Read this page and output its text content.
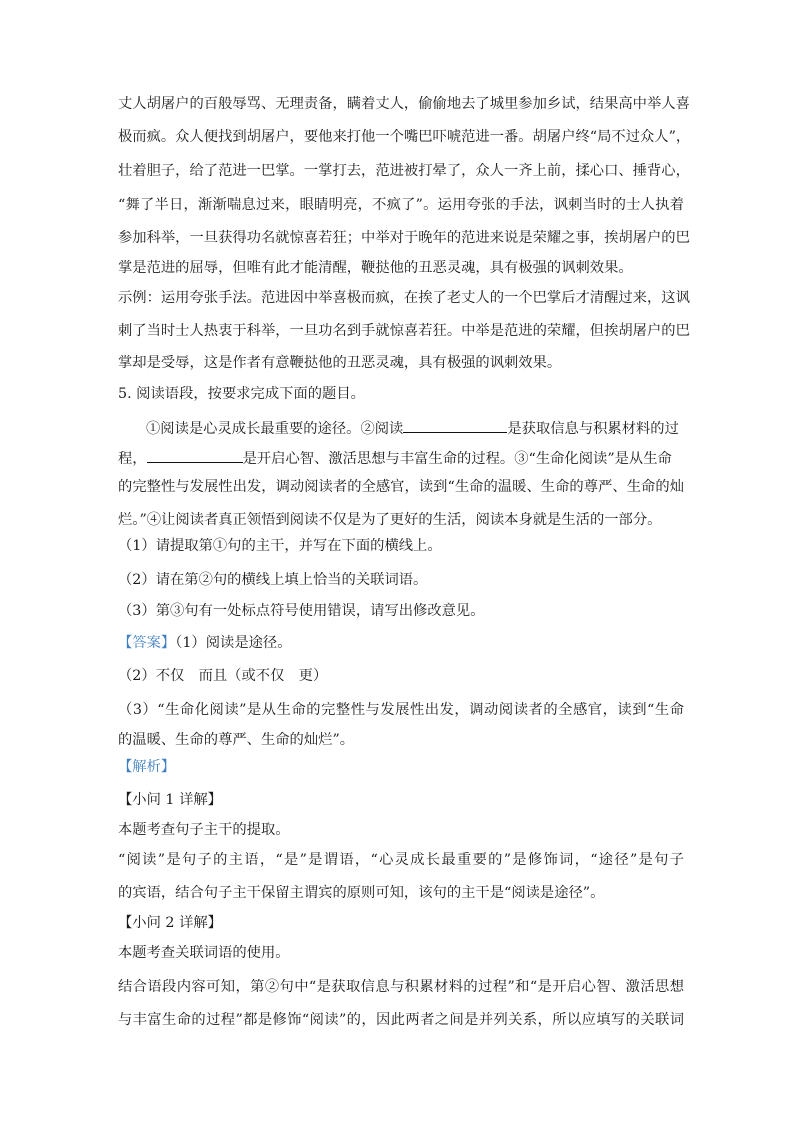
丈人胡屠户的百般辱骂、无理责备，瞒着丈人，偷偷地去了城里参加乡试，结果高中举人喜
极而疯。众人便找到胡屠户，要他来打他一个嘴巴吓唬范进一番。胡屠户终“局不过众人”，
壮着胆子，给了范进一巴掌。一掌打去，范进被打晕了，众人一齐上前，揉心口、捶背心，
“舞了半日，渐渐喘息过来，眼睛明亮，不疯了”。运用夸张的手法，讽刺当时的士人执着
参加科举，一旦获得功名就惊喜若狂；中举对于晚年的范进来说是荣耀之事，挨胡屠户的巴
掌是范进的屈辱，但唯有此才能清醒，鞭挞他的丑恶灵魂，具有极强的讽刺效果。
示例：运用夸张手法。范进因中举喜极而疯，在挨了老丈人的一个巴掌后才清醒过来，这讽
刺了当时士人热衷于科举，一旦功名到手就惊喜若狂。中举是范进的荣耀，但挨胡屠户的巴
掌却是受辱，这是作者有意鞭挞他的丑恶灵魂，具有极强的讽刺效果。
5. 阅读语段，按要求完成下面的题目。
①阅读是心灵成长最重要的途径。②阅读	是获取信息与积累材料的过
程，	是开启心智、激活思想与丰富生命的过程。③“生命化阅读”是从生命
的完整性与发展性出发，调动阅读者的全感官，读到“生命的温暖、生命的尊严、生命的灿
烂。”④让阅读者真正领悟到阅读不仅是为了更好的生活，阅读本身就是生活的一部分。
（1）请提取第①句的主干，并写在下面的横线上。
（2）请在第②句的横线上填上恰当的关联词语。
（3）第③句有一处标点符号使用错误，请写出修改意见。
【答案】（1）阅读是途径。
（2）不仅　而且（或不仅　更）
（3）“生命化阅读”是从生命的完整性与发展性出发，调动阅读者的全感官，读到“生命
的温暖、生命的尊严、生命的灿烂”。
【解析】
【小问 1 详解】
本题考查句子主干的提取。
“阅读”是句子的主语，“是”是谓语，“心灵成长最重要的”是修饰词，“途径”是句子
的宾语，结合句子主干保留主谓宾的原则可知，该句的主干是“阅读是途径”。
【小问 2 详解】
本题考查关联词语的使用。
结合语段内容可知，第②句中“是获取信息与积累材料的过程”和“是开启心智、激活思想
与丰富生命的过程”都是修饰“阅读”的，因此两者之间是并列关系，所以应填写的关联词
